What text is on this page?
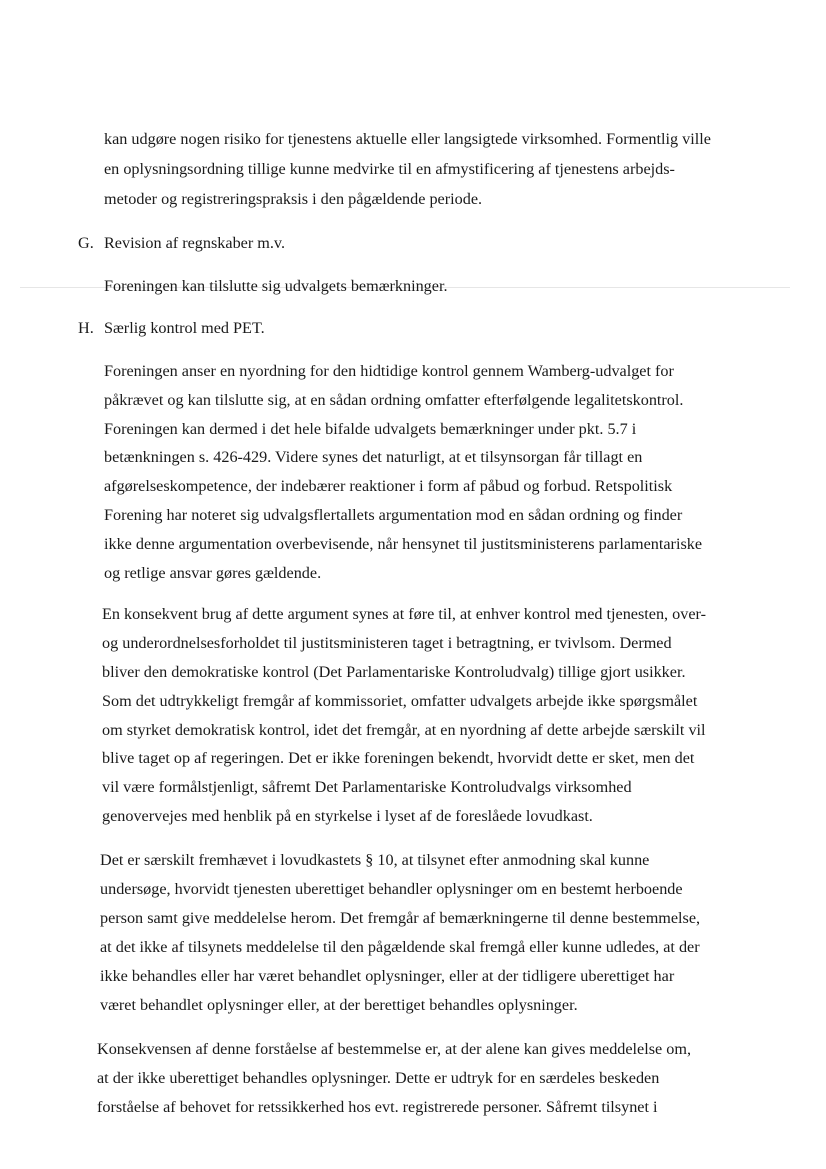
kan udgøre nogen risiko for tjenestens aktuelle eller langsigtede virksomhed. Formentlig ville
en oplysningsordning tillige kunne medvirke til en afmystificering af tjenestens arbejds-
metoder og registreringspraksis i den pågældende periode.
G. Revision af regnskaber m.v.
Foreningen kan tilslutte sig udvalgets bemærkninger.
H. Særlig kontrol med PET.
Foreningen anser en nyordning for den hidtidige kontrol gennem Wamberg-udvalget for
påkrævet og kan tilslutte sig, at en sådan ordning omfatter efterfølgende legalitetskontrol.
Foreningen kan dermed i det hele bifalde udvalgets bemærkninger under pkt. 5.7 i
betænkningen s. 426-429. Videre synes det naturligt, at et tilsynsorgan får tillagt en
afgørelseskompetence, der indebærer reaktioner i form af påbud og forbud. Retspolitisk
Forening har noteret sig udvalgsflertallets argumentation mod en sådan ordning og finder
ikke denne argumentation overbevisende, når hensynet til justitsministerens parlamentariske
og retlige ansvar gøres gældende.
En konsekvent brug af dette argument synes at føre til, at enhver kontrol med tjenesten, over-
og underordnelsesforholdet til justitsministeren taget i betragtning, er tvivlsom. Dermed
bliver den demokratiske kontrol (Det Parlamentariske Kontroludvalg) tillige gjort usikker.
Som det udtrykkeligt fremgår af kommissoriet, omfatter udvalgets arbejde ikke spørgsmålet
om styrket demokratisk kontrol, idet det fremgår, at en nyordning af dette arbejde særskilt vil
blive taget op af regeringen. Det er ikke foreningen bekendt, hvorvidt dette er sket, men det
vil være formålstjenligt, såfremt Det Parlamentariske Kontroludvalgs virksomhed
genovervejes med henblik på en styrkelse i lyset af de foreslåede lovudkast.
Det er særskilt fremhævet i lovudkastets § 10, at tilsynet efter anmodning skal kunne
undersøge, hvorvidt tjenesten uberettiget behandler oplysninger om en bestemt herboende
person samt give meddelelse herom. Det fremgår af bemærkningerne til denne bestemmelse,
at det ikke af tilsynets meddelelse til den pågældende skal fremgå eller kunne udledes, at der
ikke behandles eller har været behandlet oplysninger, eller at der tidligere uberettiget har
været behandlet oplysninger eller, at der berettiget behandles oplysninger.
Konsekvensen af denne forståelse af bestemmelse er, at der alene kan gives meddelelse om,
at der ikke uberettiget behandles oplysninger. Dette er udtryk for en særdeles beskeden
forståelse af behovet for retssikkerhed hos evt. registrerede personer. Såfremt tilsynet i
